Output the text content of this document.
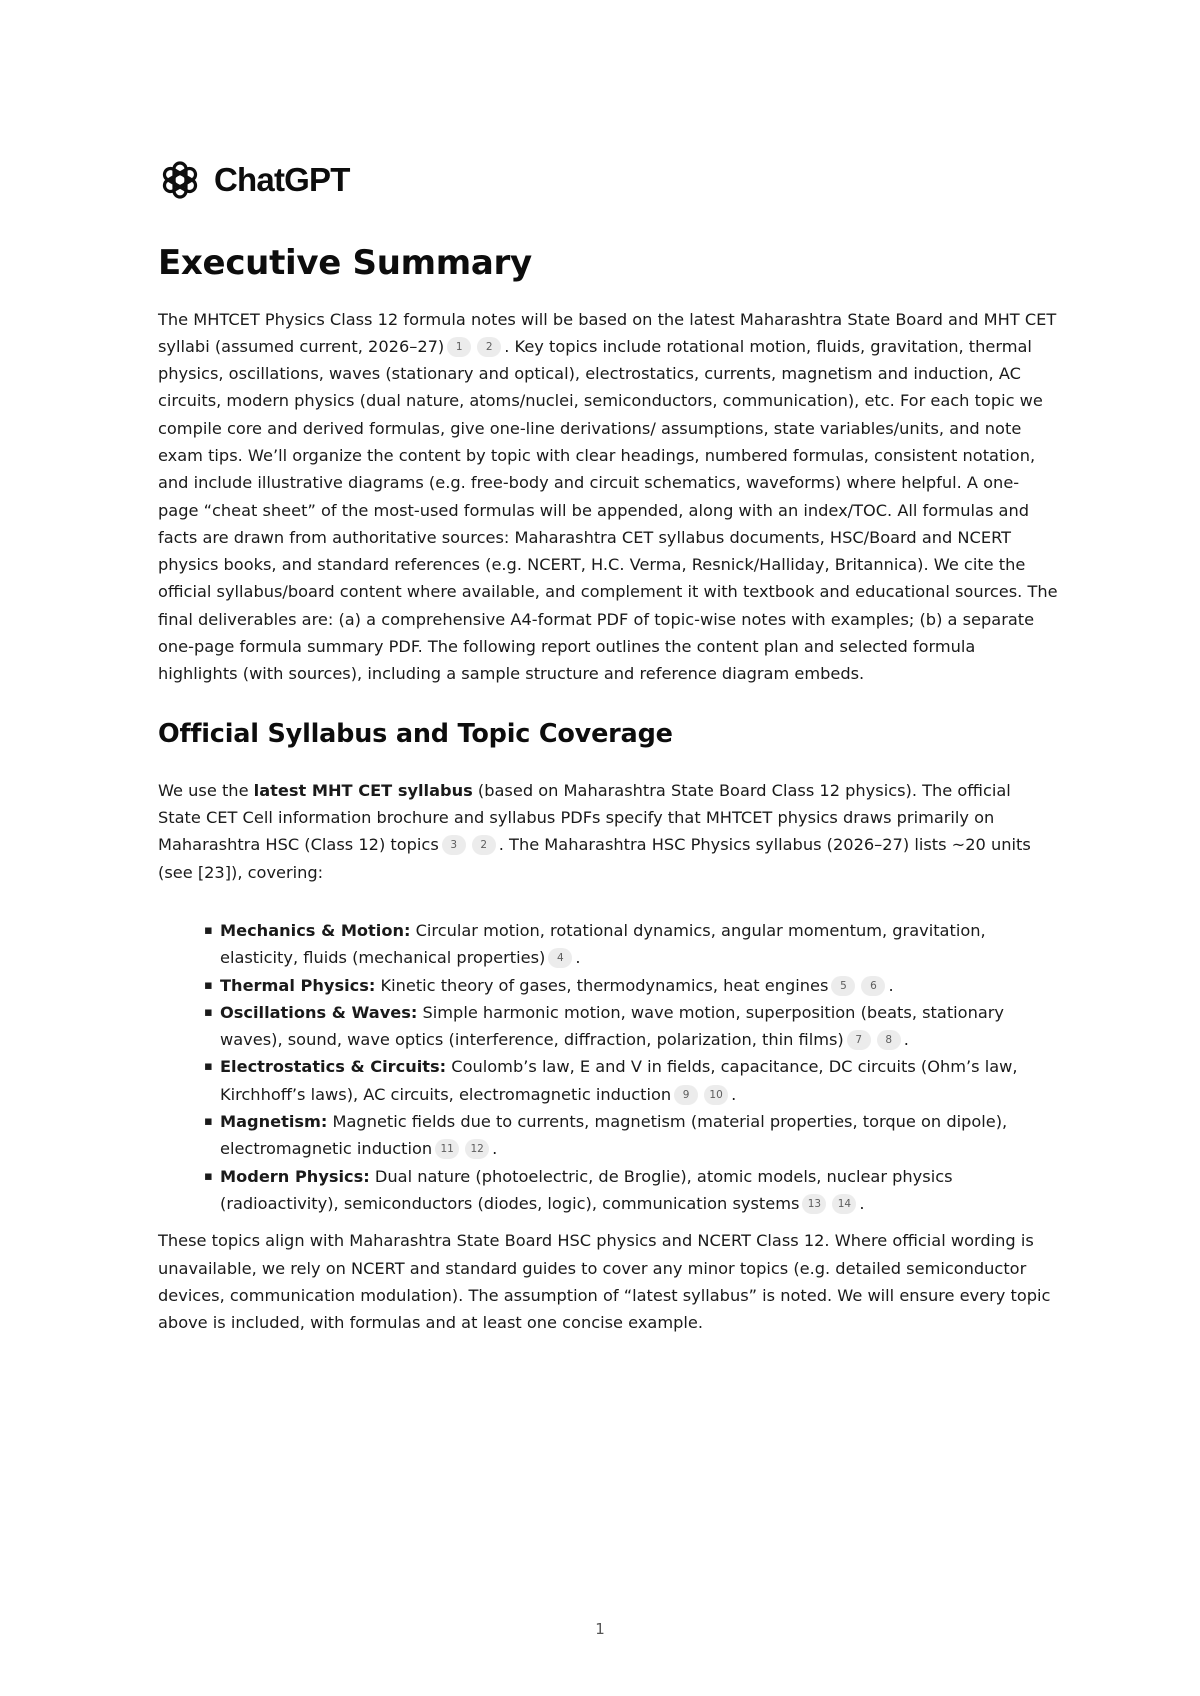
ChatGPT
Executive Summary

The MHTCET Physics Class 12 formula notes will be based on the latest Maharashtra State Board and MHT CET syllabi (assumed current, 2026–27) 1 2 . Key topics include rotational motion, fluids, gravitation, thermal physics, oscillations, waves (stationary and optical), electrostatics, currents, magnetism and induction, AC circuits, modern physics (dual nature, atoms/nuclei, semiconductors, communication), etc. For each topic we compile core and derived formulas, give one-line derivations/ assumptions, state variables/units, and note exam tips. We’ll organize the content by topic with clear headings, numbered formulas, consistent notation, and include illustrative diagrams (e.g. free-body and circuit schematics, waveforms) where helpful. A one-page “cheat sheet” of the most-used formulas will be appended, along with an index/TOC. All formulas and facts are drawn from authoritative sources: Maharashtra CET syllabus documents, HSC/Board and NCERT physics books, and standard references (e.g. NCERT, H.C. Verma, Resnick/Halliday, Britannica). We cite the official syllabus/board content where available, and complement it with textbook and educational sources. The final deliverables are: (a) a comprehensive A4-format PDF of topic-wise notes with examples; (b) a separate one-page formula summary PDF. The following report outlines the content plan and selected formula highlights (with sources), including a sample structure and reference diagram embeds.

Official Syllabus and Topic Coverage

We use the latest MHT CET syllabus (based on Maharashtra State Board Class 12 physics). The official State CET Cell information brochure and syllabus PDFs specify that MHTCET physics draws primarily on Maharashtra HSC (Class 12) topics 3 2 . The Maharashtra HSC Physics syllabus (2026–27) lists ~20 units (see [23]), covering:

▪ Mechanics & Motion: Circular motion, rotational dynamics, angular momentum, gravitation, elasticity, fluids (mechanical properties) 4 .
▪ Thermal Physics: Kinetic theory of gases, thermodynamics, heat engines 5 6 .
▪ Oscillations & Waves: Simple harmonic motion, wave motion, superposition (beats, stationary waves), sound, wave optics (interference, diffraction, polarization, thin films) 7 8 .
▪ Electrostatics & Circuits: Coulomb’s law, E and V in fields, capacitance, DC circuits (Ohm’s law, Kirchhoff’s laws), AC circuits, electromagnetic induction 9 10 .
▪ Magnetism: Magnetic fields due to currents, magnetism (material properties, torque on dipole), electromagnetic induction 11 12 .
▪ Modern Physics: Dual nature (photoelectric, de Broglie), atomic models, nuclear physics (radioactivity), semiconductors (diodes, logic), communication systems 13 14 .

These topics align with Maharashtra State Board HSC physics and NCERT Class 12. Where official wording is unavailable, we rely on NCERT and standard guides to cover any minor topics (e.g. detailed semiconductor devices, communication modulation). The assumption of “latest syllabus” is noted. We will ensure every topic above is included, with formulas and at least one concise example.

1
